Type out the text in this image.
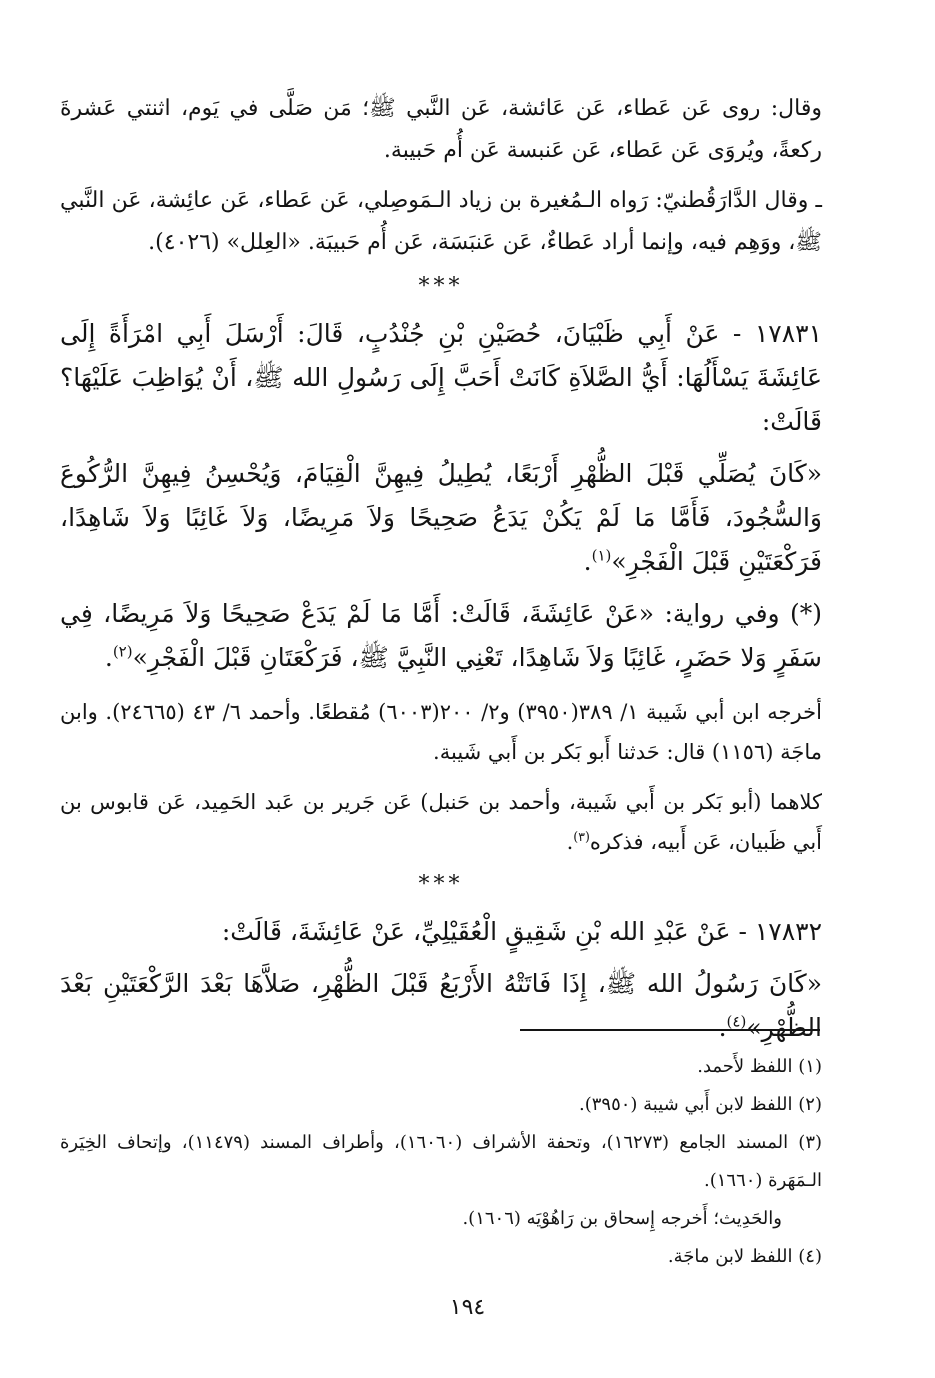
وقال: روى عَن عَطاء، عَن عَائشة، عَن النَّبي ﷺ؛ مَن صَلَّى في يَوم، اثنتي عَشرةَ ركعةً، ويُروَى عَن عَطاء، عَن عَنبسة عَن أُم حَبيبة.

ـ وقال الدَّارَقُطنيّ: رَواه الـمُغيرة بن زياد الـمَوصِلي، عَن عَطاء، عَن عائِشة، عَن النَّبي ﷺ، ووَهِم فيه، وإنما أراد عَطاءٌ، عَن عَنبَسَة، عَن أُم حَبيبَة. «العِلل» (٤٠٢٦).

***

١٧٨٣١ - عَنْ أَبِي ظَبْيَانَ، حُصَيْنِ بْنِ جُنْدُبٍ، قَالَ: أَرْسَلَ أَبِي امْرَأَةً إِلَى عَائِشَةَ يَسْأَلُهَا: أَيُّ الصَّلاَةِ كَانَتْ أَحَبَّ إِلَى رَسُولِ الله ﷺ، أَنْ يُوَاظِبَ عَلَيْهَا؟ قَالَتْ:

«كَانَ يُصَلِّي قَبْلَ الظُّهْرِ أَرْبَعًا، يُطِيلُ فِيهِنَّ الْقِيَامَ، وَيُحْسِنُ فِيهِنَّ الرُّكُوعَ وَالسُّجُودَ، فَأَمَّا مَا لَمْ يَكُنْ يَدَعُ صَحِيحًا وَلاَ مَرِيضًا، وَلاَ غَائِبًا وَلاَ شَاهِدًا، فَرَكْعَتَيْنِ قَبْلَ الْفَجْرِ»$^{(١)}$.

(*) وفي رواية: «عَنْ عَائِشَةَ، قَالَتْ: أَمَّا مَا لَمْ يَدَعْ صَحِيحًا وَلاَ مَرِيضًا، فِي سَفَرٍ وَلا حَضَرٍ، غَائِبًا وَلاَ شَاهِدًا، تَعْنِي النَّبِيَّ ﷺ، فَرَكْعَتَانِ قَبْلَ الْفَجْرِ»$^{(٢)}$.

أخرجه ابن أبي شَيبة ١/ ٣٨٩(٣٩٥٠) و٢/ ٢٠٠(٦٠٠٣) مُقطعًا. وأحمد ٦/ ٤٣ (٢٤٦٦٥). وابن ماجَة (١١٥٦) قال: حَدثنا أَبو بَكر بن أَبي شَيبة.

كلاهما (أبو بَكر بن أَبي شَيبة، وأحمد بن حَنبل) عَن جَرير بن عَبد الحَمِيد، عَن قابوس بن أَبي ظَبيان، عَن أَبيه، فذكره$^{(٣)}$.

***

١٧٨٣٢ - عَنْ عَبْدِ الله بْنِ شَقِيقٍ الْعُقَيْلِيِّ، عَنْ عَائِشَةَ، قَالَتْ:

«كَانَ رَسُولُ الله ﷺ، إِذَا فَاتَتْهُ الأَرْبَعُ قَبْلَ الظُّهْرِ، صَلاَّهَا بَعْدَ الرَّكْعَتَيْنِ بَعْدَ الظُّهْرِ»$^{(٤)}$.

(١) اللفظ لأَحمد.

(٢) اللفظ لابن أَبي شيبة (٣٩٥٠).

(٣) المسند الجامع (١٦٢٧٣)، وتحفة الأشراف (١٦٠٦٠)، وأطراف المسند (١١٤٧٩)، وإتحاف الخِيَرة الـمَهَرة (١٦٦٠).

والحَدِيث؛ أَخرجه إِسحاق بن رَاهُوْيَه (١٦٠٦).

(٤) اللفظ لابن ماجَة.

١٩٤
